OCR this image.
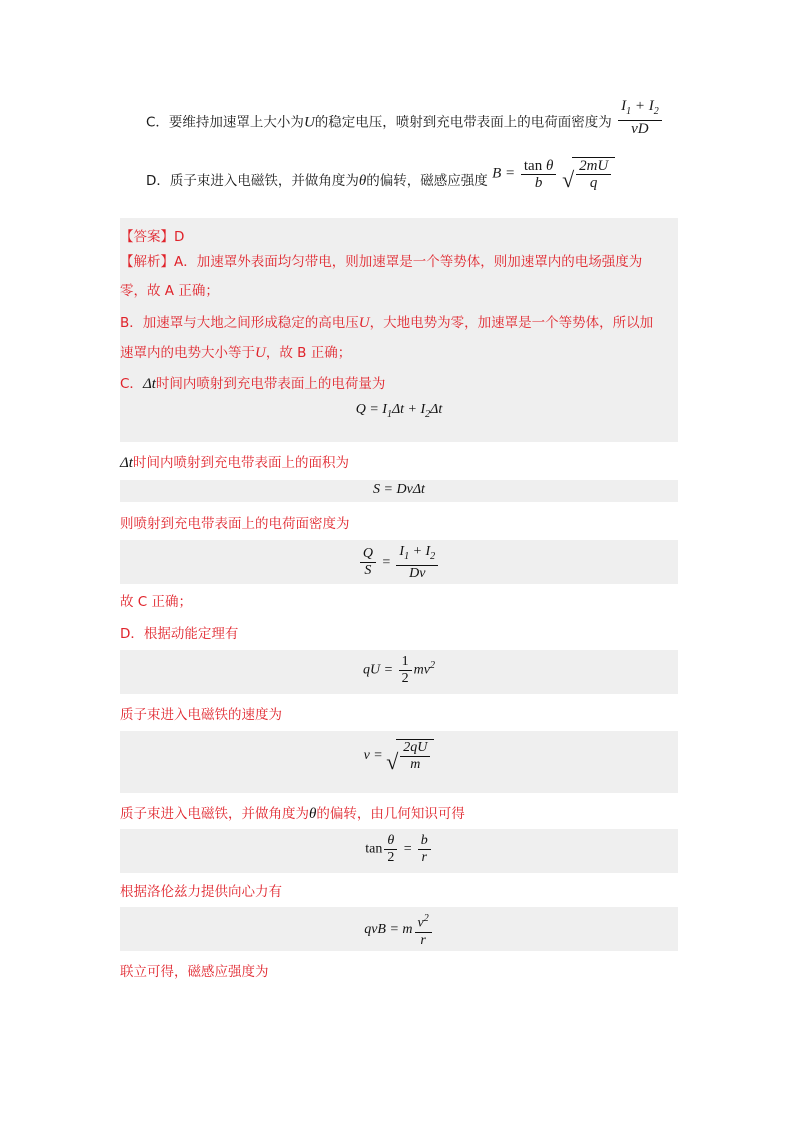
C．要维持加速罩上大小为U的稳定电压，喷射到充电带表面上的电荷面密度为 $\frac{I_1 + I_2}{vD}$
D．质子束进入电磁铁，并做角度为θ的偏转，磁感应强度 $B = \frac{\text{tan θ}}{b}$
√ $\frac{2mU}{q}$
【答案】D
【解析】A．加速罩外表面均匀带电，则加速罩是一个等势体，则加速罩内的电场强度为
零，故 A 正确；
B．加速罩与大地之间形成稳定的高电压U，大地电势为零，加速罩是一个等势体，所以加
速罩内的电势大小等于U，故 B 正确；
C．Δt时间内喷射到充电带表面上的电荷量为
$Q = I_1\Delta t + I_2\Delta t$
Δt时间内喷射到充电带表面上的面积为
S = DvΔt
则喷射到充电带表面上的电荷面密度为
$\frac{Q}{S} = \frac{I_1 + I_2}{Dv}$
故 C 正确；
D．根据动能定理有
qU = $\frac{1}{2} mv^2$
质子束进入电磁铁的速度为
v = √ $\frac{2qU}{m}$
质子束进入电磁铁，并做角度为θ的偏转，由几何知识可得
$\tan \frac{\theta}{2} = \frac{b}{r}$
根据洛伦兹力提供向心力有
qvB = m $\frac{v^2}{r}$
联立可得，磁感应强度为
